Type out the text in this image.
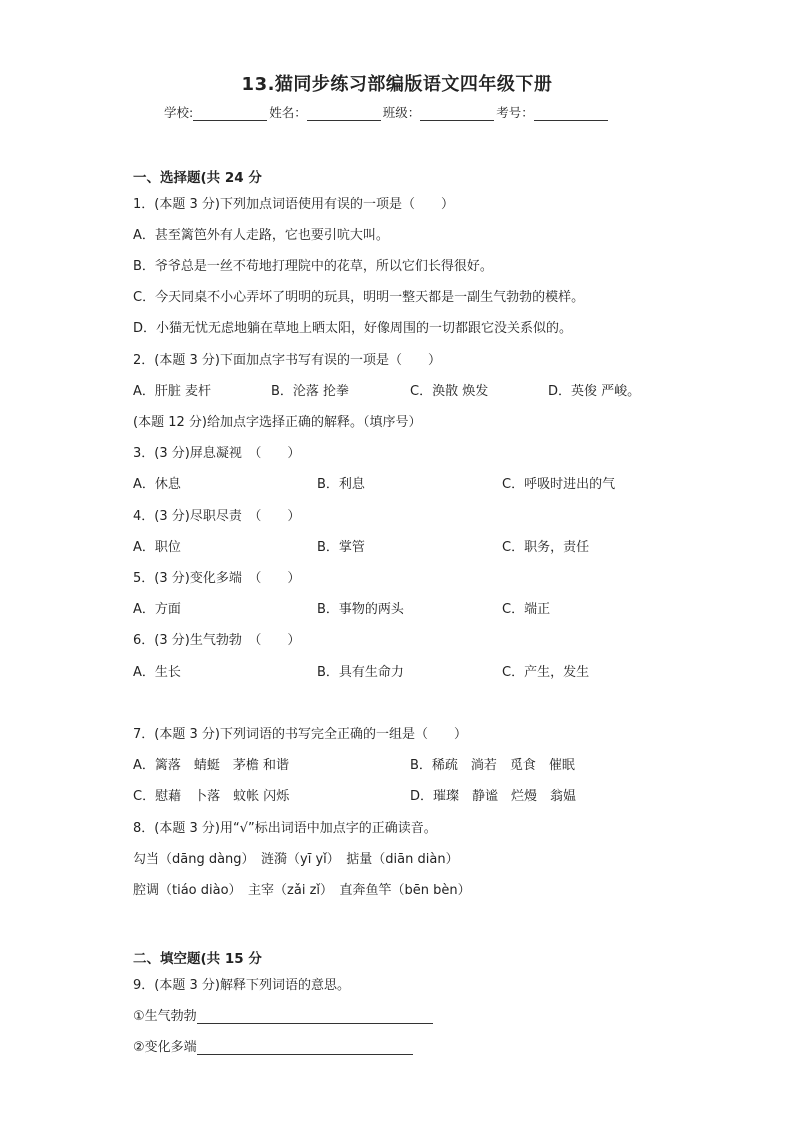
13.猫同步练习部编版语文四年级下册
学校:	姓名：	班级：	考号：
一、选择题(共 24 分
1．(本题 3 分)下列加点词语使用有误的一项是（　　）
A．甚至篱笆外有人走路，它也要引吭大叫。
B．爷爷总是一丝不苟地打理院中的花草，所以它们长得很好。
C．今天同桌不小心弄坏了明明的玩具，明明一整天都是一副生气勃勃的模样。
D．小猫无忧无虑地躺在草地上晒太阳，好像周围的一切都跟它没关系似的。
2．(本题 3 分)下面加点字书写有误的一项是（　　）
A．肝脏 麦杆	B．沦落 抡拳	C．涣散 焕发	D．英俊 严峻。
(本题 12 分)给加点字选择正确的解释。（填序号）
3．(3 分)屏息凝视　（　　）
A．休息	B．利息	C．呼吸时进出的气
4．(3 分)尽职尽责　（　　）
A．职位	B．掌管	C．职务，责任
5．(3 分)变化多端　（　　）
A．方面	B．事物的两头	C．端正
6．(3 分)生气勃勃　（　　）
A．生长	B．具有生命力	C．产生，发生
7．(本题 3 分)下列词语的书写完全正确的一组是（　　）
A．篱落　蜻蜓　茅檐 和谐	B．稀疏　淌若　觅食　催眠
C．慰藉　卜落　蚊帐 闪烁	D．璀璨　静谧　烂熳　翁媪
8．(本题 3 分)用“√”标出词语中加点字的正确读音。
勾当（dāng dàng）　涟漪（yī yǐ）　掂量（diān diàn）
腔调（tiáo diào）　主宰（zǎi zǐ）　直奔鱼竿（bēn bèn）
二、填空题(共 15 分
9．(本题 3 分)解释下列词语的意思。
①生气勃勃
②变化多端
